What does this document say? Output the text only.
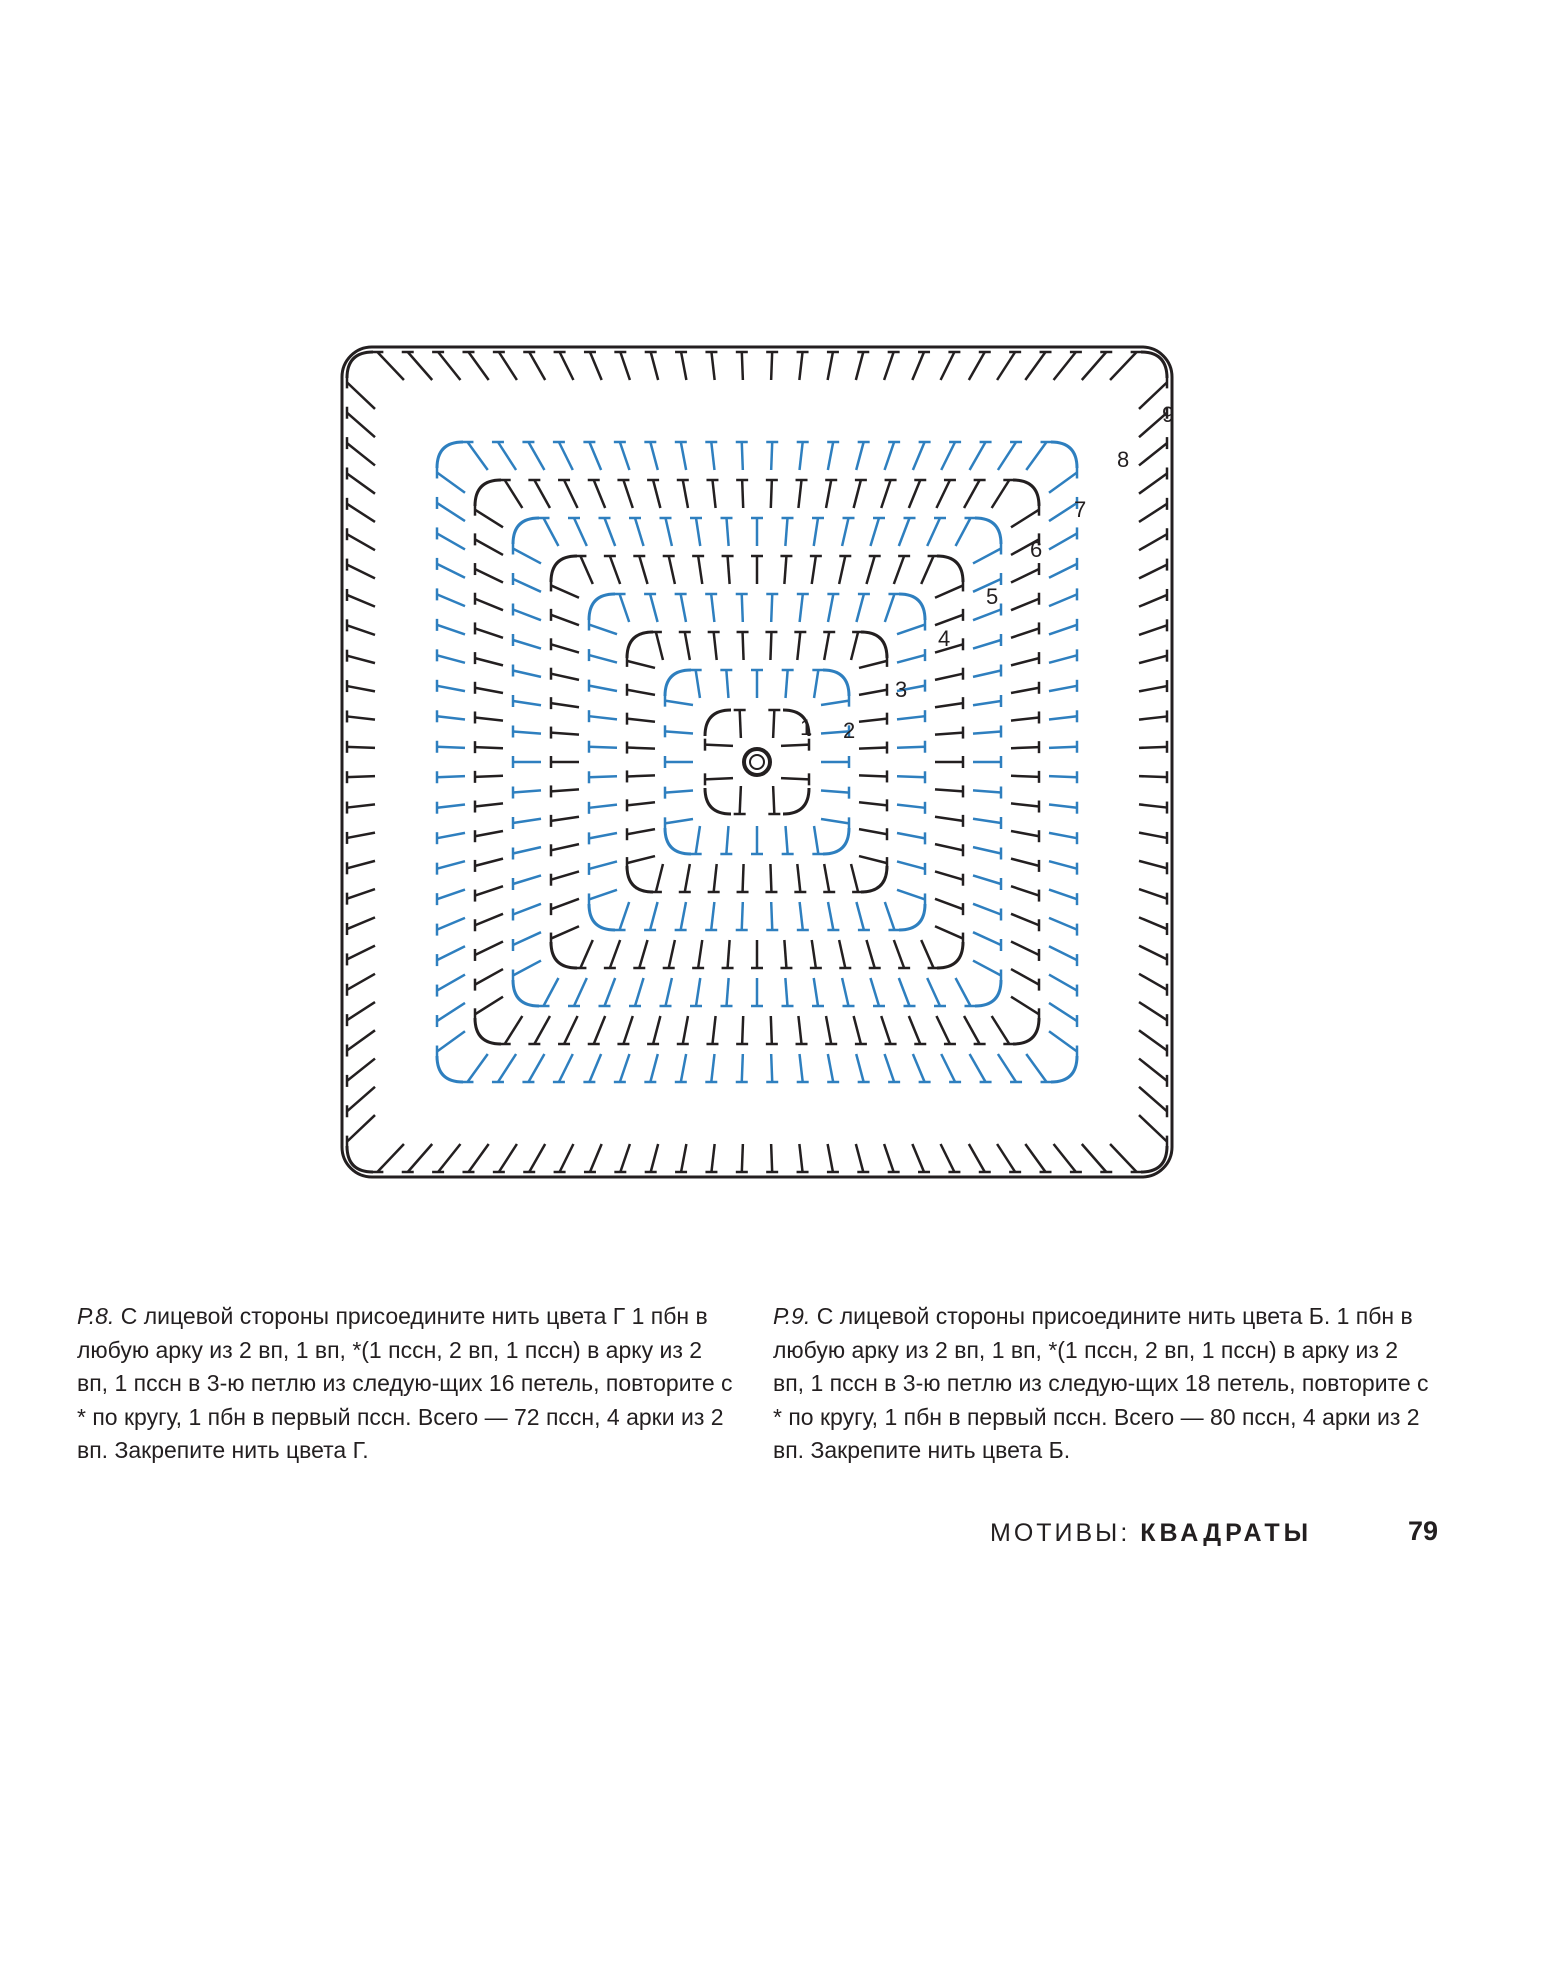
1 2
3
4
5
6
7
8
9
Р.8. С лицевой стороны присоедините нить цвета Г 1 пбн в любую арку из 2 вп, 1 вп, *(1 пссн, 2 вп, 1 пссн) в арку из 2 вп, 1 пссн в 3-ю петлю из следую-щих 16 петель, повторите с * по кругу, 1 пбн в первый пссн. Всего — 72 пссн, 4 арки из 2 вп. Закрепите нить цвета Г.
Р.9. С лицевой стороны присоедините нить цвета Б. 1 пбн в любую арку из 2 вп, 1 вп, *(1 пссн, 2 вп, 1 пссн) в арку из 2 вп, 1 пссн в 3-ю петлю из следую-щих 18 петель, повторите с * по кругу, 1 пбн в первый пссн. Всего — 80 пссн, 4 арки из 2 вп. Закрепите нить цвета Б.
МОТИВЫ: КВАДРАТЫ	79
